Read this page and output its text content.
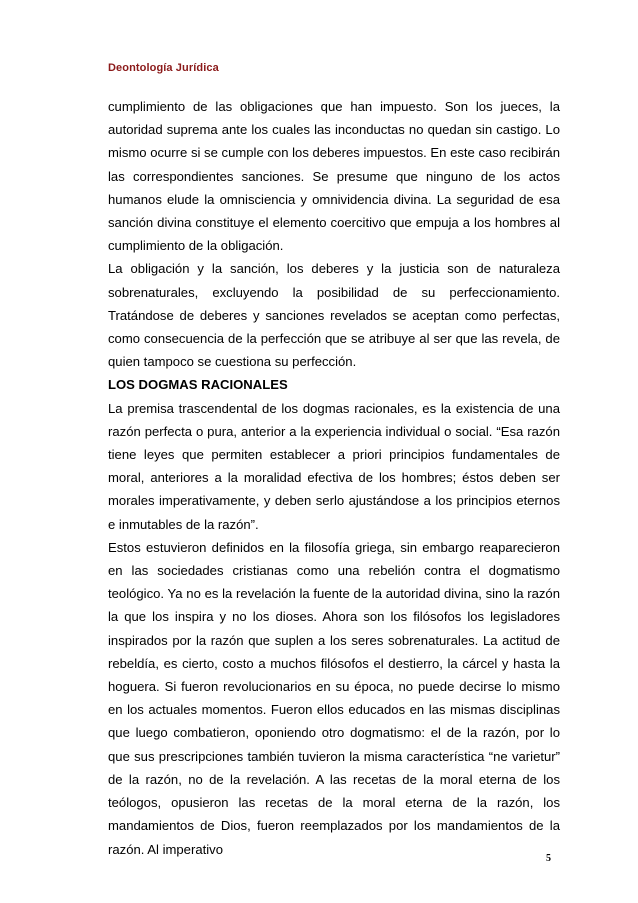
Deontología Jurídica

cumplimiento de las obligaciones que han impuesto. Son los jueces, la autoridad suprema ante los cuales las inconductas no quedan sin castigo. Lo mismo ocurre si se cumple con los deberes impuestos. En este caso recibirán las correspondientes sanciones. Se presume que ninguno de los actos humanos elude la omnisciencia y omnividencia divina. La seguridad de esa sanción divina constituye el elemento coercitivo que empuja a los hombres al cumplimiento de la obligación.

La obligación y la sanción, los deberes y la justicia son de naturaleza sobrenaturales, excluyendo la posibilidad de su perfeccionamiento. Tratándose de deberes y sanciones revelados se aceptan como perfectas, como consecuencia de la perfección que se atribuye al ser que las revela, de quien tampoco se cuestiona su perfección.

LOS DOGMAS RACIONALES

La premisa trascendental de los dogmas racionales, es la existencia de una razón perfecta o pura, anterior a la experiencia individual o social. “Esa razón tiene leyes que permiten establecer a priori principios fundamentales de moral, anteriores a la moralidad efectiva de los hombres; éstos deben ser morales imperativamente, y deben serlo ajustándose a los principios eternos e inmutables de la razón”.

Estos estuvieron definidos en la filosofía griega, sin embargo reaparecieron en las sociedades cristianas como una rebelión contra el dogmatismo teológico. Ya no es la revelación la fuente de la autoridad divina, sino la razón la que los inspira y no los dioses. Ahora son los filósofos los legisladores inspirados por la razón que suplen a los seres sobrenaturales. La actitud de rebeldía, es cierto, costo a muchos filósofos el destierro, la cárcel y hasta la hoguera. Si fueron revolucionarios en su época, no puede decirse lo mismo en los actuales momentos. Fueron ellos educados en las mismas disciplinas que luego combatieron, oponiendo otro dogmatismo: el de la razón, por lo que sus prescripciones también tuvieron la misma característica “ne varietur” de la razón, no de la revelación. A las recetas de la moral eterna de los teólogos, opusieron las recetas de la moral eterna de la razón, los mandamientos de Dios, fueron reemplazados por los mandamientos de la razón. Al imperativo

5
